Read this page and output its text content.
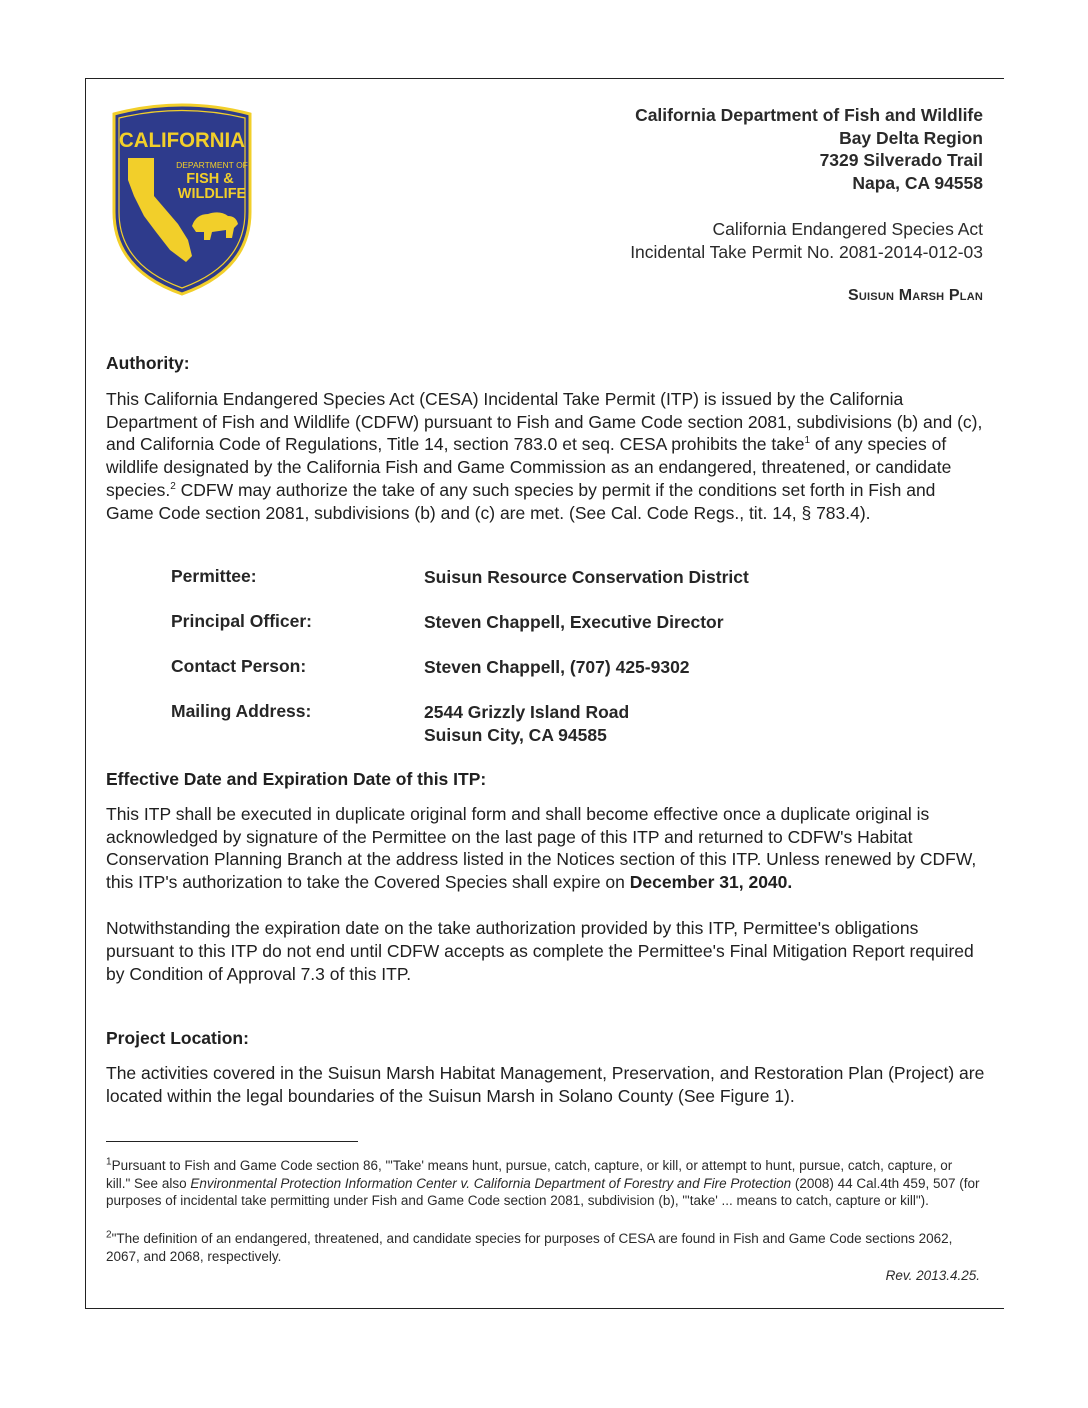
CALIFORNIA
DEPARTMENT OF
FISH &
WILDLIFE
California Department of Fish and Wildlife
Bay Delta Region
7329 Silverado Trail
Napa, CA 94558
California Endangered Species Act
Incidental Take Permit No. 2081-2014-012-03
Suisun Marsh Plan
Authority:

This California Endangered Species Act (CESA) Incidental Take Permit (ITP) is issued by the California Department of Fish and Wildlife (CDFW) pursuant to Fish and Game Code section 2081, subdivisions (b) and (c), and California Code of Regulations, Title 14, section 783.0 et seq. CESA prohibits the take$^1$ of any species of wildlife designated by the California Fish and Game Commission as an endangered, threatened, or candidate species.$^2$ CDFW may authorize the take of any such species by permit if the conditions set forth in Fish and Game Code section 2081, subdivisions (b) and (c) are met. (See Cal. Code Regs., tit. 14, § 783.4).

Permittee:	Suisun Resource Conservation District
Principal Officer:	Steven Chappell, Executive Director
Contact Person:	Steven Chappell, (707) 425-9302
Mailing Address:	2544 Grizzly Island Road
Suisun City, CA 94585
Effective Date and Expiration Date of this ITP:

This ITP shall be executed in duplicate original form and shall become effective once a duplicate original is acknowledged by signature of the Permittee on the last page of this ITP and returned to CDFW's Habitat Conservation Planning Branch at the address listed in the Notices section of this ITP. Unless renewed by CDFW, this ITP's authorization to take the Covered Species shall expire on December 31, 2040.

Notwithstanding the expiration date on the take authorization provided by this ITP, Permittee's obligations pursuant to this ITP do not end until CDFW accepts as complete the Permittee's Final Mitigation Report required by Condition of Approval 7.3 of this ITP.

Project Location:

The activities covered in the Suisun Marsh Habitat Management, Preservation, and Restoration Plan (Project) are located within the legal boundaries of the Suisun Marsh in Solano County (See Figure 1).

$^1$Pursuant to Fish and Game Code section 86, "'Take' means hunt, pursue, catch, capture, or kill, or attempt to hunt, pursue, catch, capture, or kill." See also Environmental Protection Information Center v. California Department of Forestry and Fire Protection (2008) 44 Cal.4th 459, 507 (for purposes of incidental take permitting under Fish and Game Code section 2081, subdivision (b), "'take' ... means to catch, capture or kill").
$^2$"The definition of an endangered, threatened, and candidate species for purposes of CESA are found in Fish and Game Code sections 2062, 2067, and 2068, respectively.
Rev. 2013.4.25.
